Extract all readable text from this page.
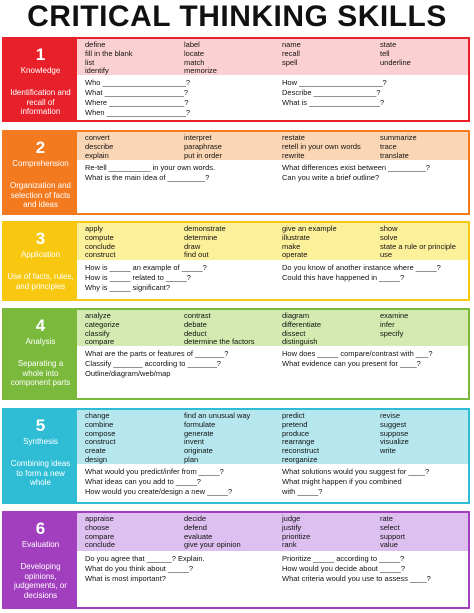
CRITICAL THINKING SKILLS
1
Knowledge
Identification and recall of information
define
fill in the blank
list
identify
label
locate
match
memorize
name
recall
spell
state
tell
underline
Who ____________________?
What ___________________?
Where __________________?
When ___________________?
How ____________________?
Describe _______________?
What is _________________?
2
Comprehension
Organization and selection of facts and ideas
convert
describe
explain
interpret
paraphrase
put in order
restate
retell in your own words
rewrite
summarize
trace
translate
Re-tell __________ in your own words.
What is the main idea of _________?
What differences exist between _________?
Can you write a brief outline?
3
Application
Use of facts, rules, and principles
apply
compute
conclude
construct
demonstrate
determine
draw
find out
give an example
illustrate
make
operate
show
solve
state a rule or principle
use
How is _____ an example of _____?
How is _____ related to _____?
Why is _____ significant?
Do you know of another instance where _____?
Could this have happened in _____?
4
Analysis
Separating a whole into component parts
analyze
categorize
classify
compare
contrast
debate
deduct
determine the factors
diagram
differentiate
dissect
distinguish
examine
infer
specify
What are the parts or features of _______?
Classify _______ according to _______?
Outline/diagram/web/map
How does _____ compare/contrast with ___?
What evidence can you present for ____?
5
Synthesis
Combining ideas to form a new whole
change
combine
compose
construct
create
design
find an unusual way
formulate
generate
invent
originate
plan
predict
pretend
produce
rearrange
reconstruct
reorganize
revise
suggest
suppose
visualize
write
What would you predict/infer from _____?
What ideas can you add to _____?
How would you create/design a new _____?
What solutions would you suggest for ____?
What might happen if you combined
with _____?
6
Evaluation
Developing opinions, judgements, or decisions
appraise
choose
compare
conclude
decide
defend
evaluate
give your opinion
judge
justify
prioritize
rank
rate
select
support
value
Do you agree that ______? Explain.
What do you think about _____?
What is most important?
Prioritize _____ according to _____?
How would you decide about _____?
What criteria would you use to assess ____?
